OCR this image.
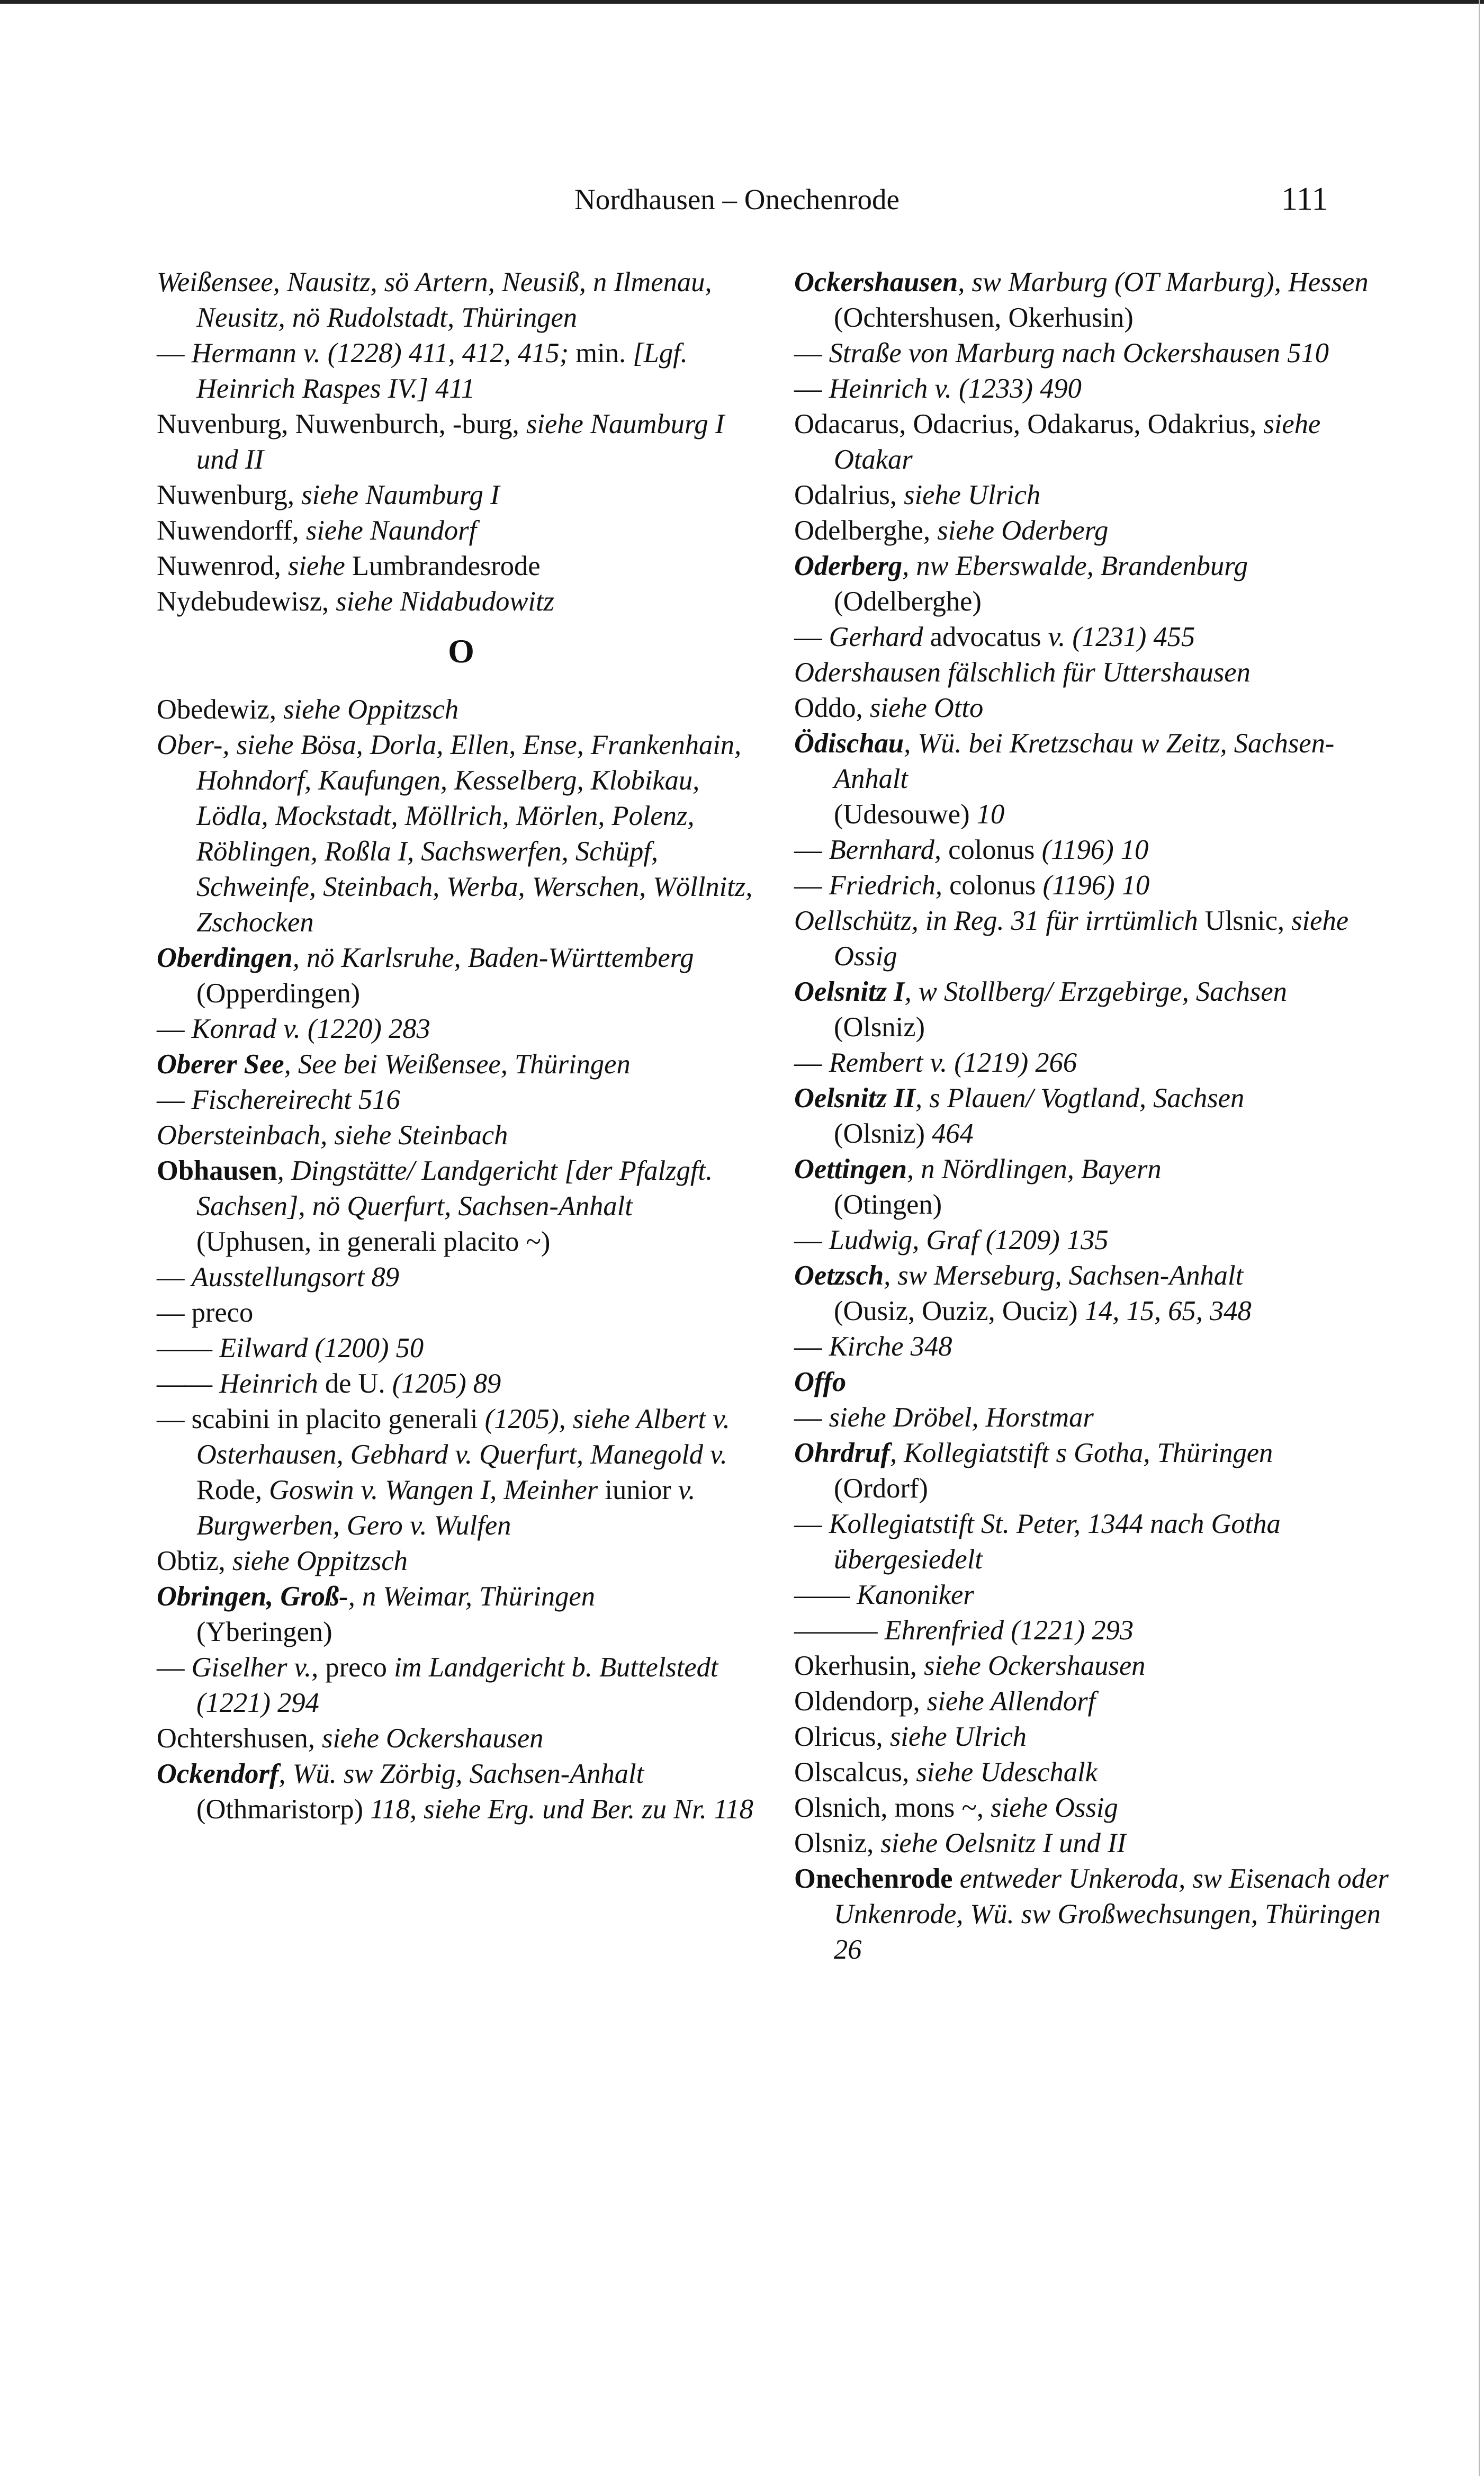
Nordhausen – Onechenrode	111
Weißensee, Nausitz, sö Artern, Neusiß, n Ilmenau, Neusitz, nö Rudolstadt, Thüringen
— Hermann v. (1228) 411, 412, 415; min. [Lgf. Heinrich Raspes IV.] 411
Nuvenburg, Nuwenburch, -burg, siehe Naumburg I und II
Nuwenburg, siehe Naumburg I
Nuwendorff, siehe Naundorf
Nuwenrod, siehe Lumbrandesrode
Nydebudewisz, siehe Nidabudowitz
O
Obedewiz, siehe Oppitzsch
Ober-, siehe Bösa, Dorla, Ellen, Ense, Frankenhain, Hohndorf, Kaufungen, Kesselberg, Klobikau, Lödla, Mockstadt, Möllrich, Mörlen, Polenz, Röblingen, Roßla I, Sachswerfen, Schüpf, Schweinfe, Steinbach, Werba, Werschen, Wöllnitz, Zschocken
Oberdingen, nö Karlsruhe, Baden-Württemberg
(Opperdingen)
— Konrad v. (1220) 283
Oberer See, See bei Weißensee, Thüringen
— Fischereirecht 516
Obersteinbach, siehe Steinbach
Obhausen, Dingstätte/ Landgericht [der Pfalzgft. Sachsen], nö Querfurt, Sachsen-Anhalt
(Uphusen, in generali placito ~)
— Ausstellungsort 89
— preco
—— Eilward (1200) 50
—— Heinrich de U. (1205) 89
— scabini in placito generali (1205), siehe Albert v. Osterhausen, Gebhard v. Querfurt, Manegold v. Rode, Goswin v. Wangen I, Meinher iunior v. Burgwerben, Gero v. Wulfen
Obtiz, siehe Oppitzsch
Obringen, Groß-, n Weimar, Thüringen
(Yberingen)
— Giselher v., preco im Landgericht b. Buttelstedt (1221) 294
Ochtershusen, siehe Ockershausen
Ockendorf, Wü. sw Zörbig, Sachsen-Anhalt
(Othmaristorp) 118, siehe Erg. und Ber. zu Nr. 118
Ockershausen, sw Marburg (OT Marburg), Hessen
(Ochtershusen, Okerhusin)
— Straße von Marburg nach Ockershausen 510
— Heinrich v. (1233) 490
Odacarus, Odacrius, Odakarus, Odakrius, siehe Otakar
Odalrius, siehe Ulrich
Odelberghe, siehe Oderberg
Oderberg, nw Eberswalde, Brandenburg
(Odelberghe)
— Gerhard advocatus v. (1231) 455
Odershausen fälschlich für Uttershausen
Oddo, siehe Otto
Ödischau, Wü. bei Kretzschau w Zeitz, Sachsen-Anhalt
(Udesouwe) 10
— Bernhard, colonus (1196) 10
— Friedrich, colonus (1196) 10
Oellschütz, in Reg. 31 für irrtümlich Ulsnic, siehe Ossig
Oelsnitz I, w Stollberg/ Erzgebirge, Sachsen
(Olsniz)
— Rembert v. (1219) 266
Oelsnitz II, s Plauen/ Vogtland, Sachsen
(Olsniz) 464
Oettingen, n Nördlingen, Bayern
(Otingen)
— Ludwig, Graf (1209) 135
Oetzsch, sw Merseburg, Sachsen-Anhalt
(Ousiz, Ouziz, Ouciz) 14, 15, 65, 348
— Kirche 348
Offo
— siehe Dröbel, Horstmar
Ohrdruf, Kollegiatstift s Gotha, Thüringen
(Ordorf)
— Kollegiatstift St. Peter, 1344 nach Gotha übergesiedelt
—— Kanoniker
——— Ehrenfried (1221) 293
Okerhusin, siehe Ockershausen
Oldendorp, siehe Allendorf
Olricus, siehe Ulrich
Olscalcus, siehe Udeschalk
Olsnich, mons ~, siehe Ossig
Olsniz, siehe Oelsnitz I und II
Onechenrode entweder Unkeroda, sw Eisenach oder Unkenrode, Wü. sw Großwechsungen, Thüringen 26
